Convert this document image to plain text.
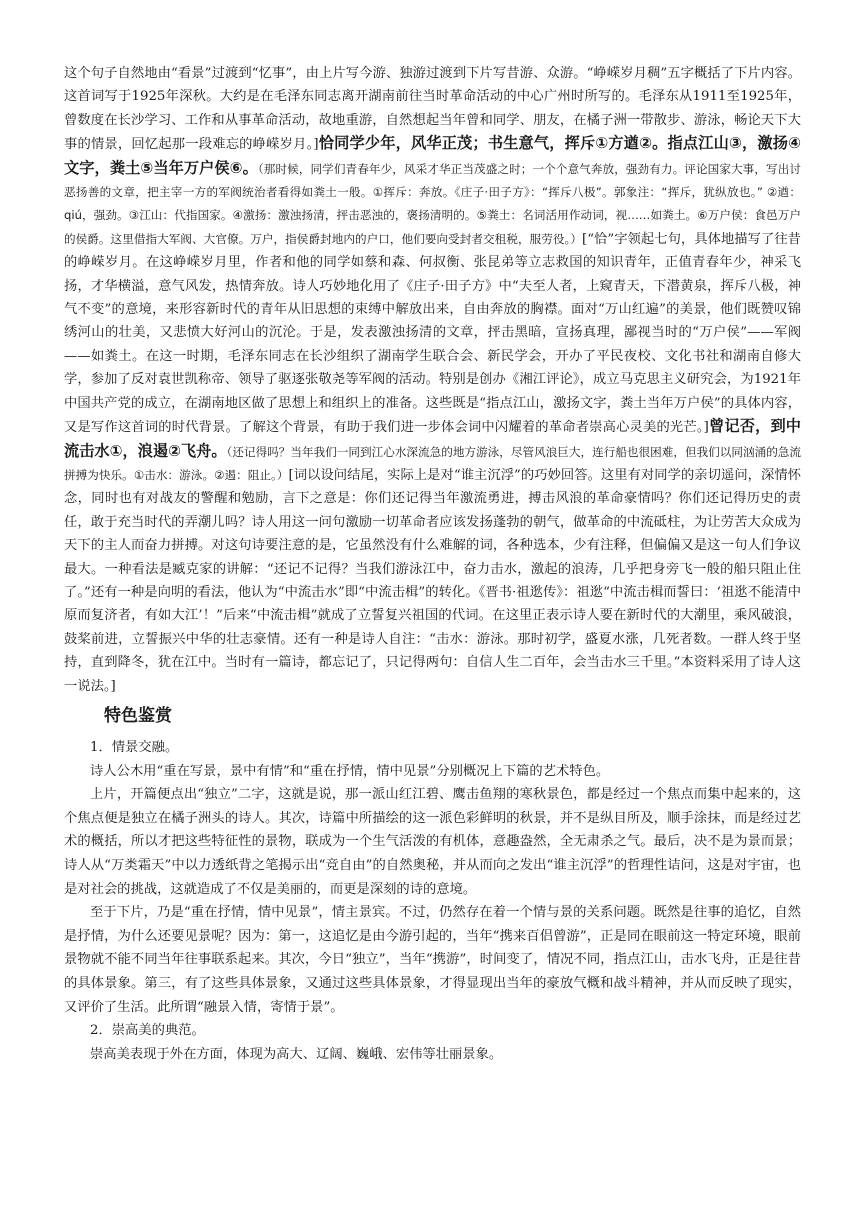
这个句子自然地由“看景”过渡到“忆事”，由上片写今游、独游过渡到下片写昔游、众游。“峥嵘岁月稠”五字概括了下片内容。这首词写于1925年深秋。大约是在毛泽东同志离开湖南前往当时革命活动的中心广州时所写的。毛泽东从1911至1925年，曾数度在长沙学习、工作和从事革命活动，故地重游，自然想起当年曾和同学、朋友，在橘子洲一带散步、游泳，畅论天下大事的情景，回忆起那一段难忘的峥嵘岁月。]恰同学少年，风华正茂；书生意气，挥斥①方遒②。指点江山③，激扬④文字，粪土⑤当年万户侯⑥。（那时候，同学们青春年少，风采才华正当茂盛之时；一个个意气奔放，强劲有力。评论国家大事，写出讨恶扬善的文章，把主宰一方的军阀统治者看得如粪土一般。①挥斥：奔放。《庄子·田子方》：“挥斥八极”。郭象注：“挥斥，犹纵放也。” ②遒：qiú，强劲。③江山：代指国家。④激扬：激浊扬清，抨击恶浊的，褒扬清明的。⑤粪土：名词活用作动词，视……如粪土。⑥万户侯：食邑万户的侯爵。这里借指大军阀、大官僚。万户，指侯爵封地内的户口，他们要向受封者交租税，服劳役。）[“恰”字领起七句，具体地描写了往昔的峥嵘岁月。在这峥嵘岁月里，作者和他的同学如蔡和森、何叔衡、张昆弟等立志救国的知识青年，正值青春年少，神采飞扬，才华横溢，意气风发，热情奔放。诗人巧妙地化用了《庄子·田子方》中“夫至人者，上窥青天，下潜黄泉，挥斥八极，神气不变”的意境，来形容新时代的青年从旧思想的束缚中解放出来，自由奔放的胸襟。面对“万山红遍”的美景，他们既赞叹锦绣河山的壮美，又悲愤大好河山的沉沦。于是，发表激浊扬清的文章，抨击黑暗，宣扬真理，鄙视当时的“万户侯”——军阀——如粪土。在这一时期，毛泽东同志在长沙组织了湖南学生联合会、新民学会，开办了平民夜校、文化书社和湖南自修大学，参加了反对袁世凯称帝、领导了驱逐张敬尧等军阀的活动。特别是创办《湘江评论》，成立马克思主义研究会，为1921年中国共产党的成立，在湖南地区做了思想上和组织上的准备。这些既是“指点江山，激扬文字，粪土当年万户侯”的具体内容，又是写作这首词的时代背景。了解这个背景，有助于我们进一步体会词中闪耀着的革命者崇高心灵美的光芒。]曾记否，到中流击水①，浪遏②飞舟。（还记得吗？当年我们一同到江心水深流急的地方游泳，尽管风浪巨大，连行船也很困难，但我们以同汹涌的急流拼搏为快乐。①击水：游泳。②遏：阻止。）[词以设问结尾，实际上是对“谁主沉浮”的巧妙回答。这里有对同学的亲切遥问，深情怀念，同时也有对战友的警醒和勉励，言下之意是：你们还记得当年激流勇进，搏击风浪的革命豪情吗？你们还记得历史的责任，敢于充当时代的弄潮儿吗？诗人用这一问句激励一切革命者应该发扬蓬勃的朝气，做革命的中流砥柱，为让劳苦大众成为天下的主人而奋力拼搏。对这句诗要注意的是，它虽然没有什么难解的词，各种选本，少有注释，但偏偏又是这一句人们争议最大。一种看法是臧克家的讲解：“还记不记得？当我们游泳江中，奋力击水，激起的浪涛，几乎把身旁飞一般的船只阻止住了。”还有一种是向明的看法，他认为“中流击水”即“中流击楫”的转化。《晋书·祖逖传》：祖逖“中流击楫而誓曰：‘祖逖不能清中原而复济者，有如大江’！”后来“中流击楫”就成了立誓复兴祖国的代词。在这里正表示诗人要在新时代的大潮里，乘风破浪，鼓桨前进，立誓振兴中华的壮志豪情。还有一种是诗人自注：“击水：游泳。那时初学，盛夏水涨，几死者数。一群人终于坚持，直到降冬，犹在江中。当时有一篇诗，都忘记了，只记得两句：自信人生二百年，会当击水三千里。”本资料采用了诗人这一说法。]

特色鉴赏

1．情景交融。

诗人公木用“重在写景，景中有情”和“重在抒情，情中见景”分别概况上下篇的艺术特色。

上片，开篇便点出“独立”二字，这就是说，那一派山红江碧、鹰击鱼翔的寒秋景色，都是经过一个焦点而集中起来的，这个焦点便是独立在橘子洲头的诗人。其次，诗篇中所描绘的这一派色彩鲜明的秋景，并不是纵目所及，顺手涂抹，而是经过艺术的概括，所以才把这些特征性的景物，联成为一个生气活泼的有机体，意趣盎然，全无肃杀之气。最后，决不是为景而景；诗人从“万类霜天”中以力透纸背之笔揭示出“竞自由”的自然奥秘，并从而向之发出“谁主沉浮”的哲理性诘问，这是对宇宙，也是对社会的挑战，这就造成了不仅是美丽的，而更是深刻的诗的意境。

至于下片，乃是“重在抒情，情中见景”，情主景宾。不过，仍然存在着一个情与景的关系问题。既然是往事的追忆，自然是抒情，为什么还要见景呢？因为：第一，这追忆是由今游引起的，当年“携来百侣曾游”，正是同在眼前这一特定环境，眼前景物就不能不同当年往事联系起来。其次，今日“独立”，当年“携游”，时间变了，情况不同，指点江山，击水飞舟，正是往昔的具体景象。第三，有了这些具体景象，又通过这些具体景象，才得显现出当年的豪放气概和战斗精神，并从而反映了现实，又评价了生活。此所谓“融景入情，寄情于景”。

2．崇高美的典范。

崇高美表现于外在方面，体现为高大、辽阔、巍峨、宏伟等壮丽景象。
